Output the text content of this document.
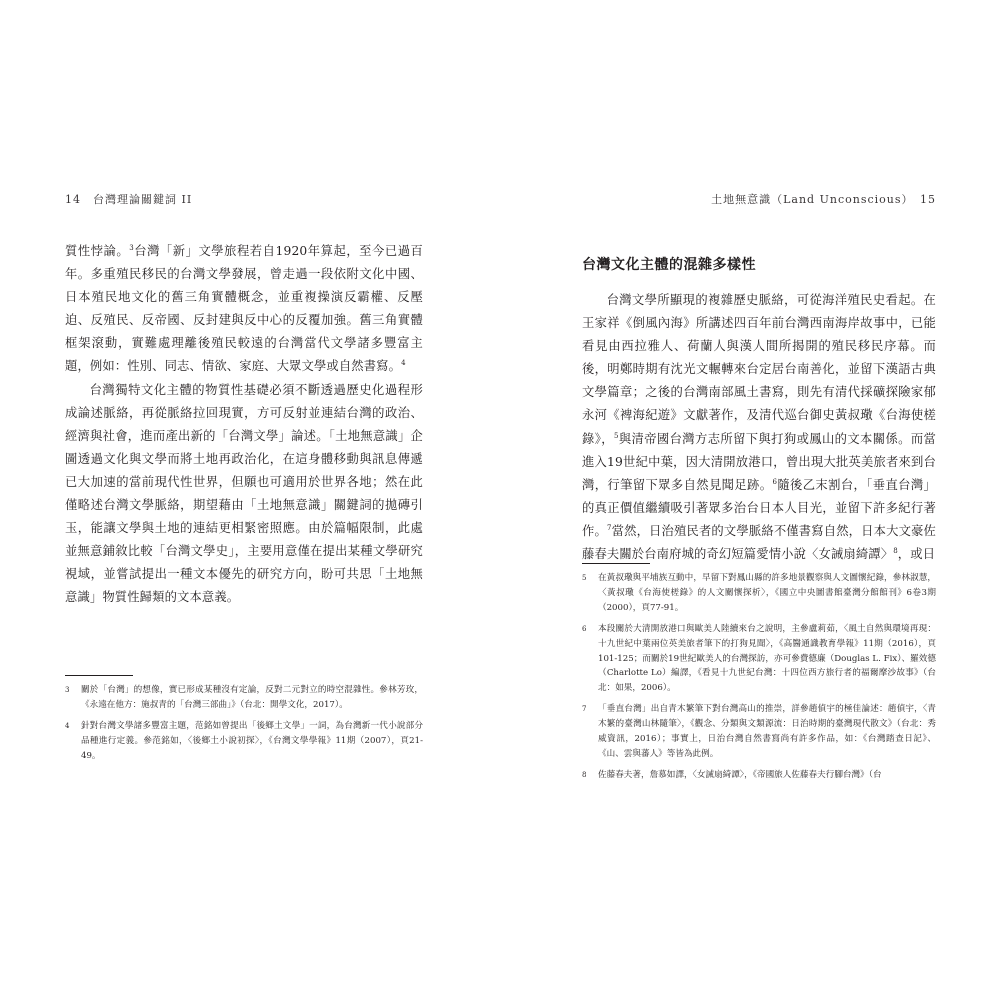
14　台灣理論關鍵詞 II

質性悖論。$^3$台灣「新」文學旅程若自1920年算起，至今已過百年。多重殖民移民的台灣文學發展，曾走過一段依附文化中國、日本殖民地文化的舊三角實體概念，並重複操演反霸權、反壓迫、反殖民、反帝國、反封建與反中心的反覆加強。舊三角實體框架滾動，實難處理離後殖民較遠的台灣當代文學諸多豐富主題，例如：性別、同志、情欲、家庭、大眾文學或自然書寫。$^4$

台灣獨特文化主體的物質性基礎必須不斷透過歷史化過程形成論述脈絡，再從脈絡拉回現實，方可反射並連結台灣的政治、經濟與社會，進而產出新的「台灣文學」論述。「土地無意識」企圖透過文化與文學而將土地再政治化，在這身體移動與訊息傳遞已大加速的當前現代性世界，但願也可適用於世界各地；然在此僅略述台灣文學脈絡，期望藉由「土地無意識」關鍵詞的拋磚引玉，能讓文學與土地的連結更相緊密照應。由於篇幅限制，此處並無意鋪敘比較「台灣文學史」，主要用意僅在提出某種文學研究視域，並嘗試提出一種文本優先的研究方向，盼可共思「土地無意識」物質性歸類的文本意義。

3	關於「台灣」的想像，實已形成某種沒有定論，反對二元對立的時空混雜性。參林芳玫，《永遠在他方：施叔青的「台灣三部曲」》（台北：開學文化，2017）。
4	針對台灣文學諸多豐富主題，范銘如曾提出「後鄉土文學」一詞，為台灣新一代小說部分品種進行定義。參范銘如，〈後鄉土小說初探〉，《台灣文學學報》11期（2007），頁21-49。
土地無意識（Land Unconscious）　15
台灣文化主體的混雜多樣性

台灣文學所顯現的複雜歷史脈絡，可從海洋殖民史看起。在王家祥《倒風內海》所講述四百年前台灣西南海岸故事中，已能看見由西拉雅人、荷蘭人與漢人間所揭開的殖民移民序幕。而後，明鄭時期有沈光文輾轉來台定居台南善化，並留下漢語古典文學篇章；之後的台灣南部風土書寫，則先有清代採礦探險家郁永河《裨海紀遊》文獻著作，及清代巡台御史黃叔璥《台海使槎錄》，$^5$與清帝國台灣方志所留下與打狗或鳳山的文本關係。而當進入19世紀中葉，因大清開放港口，曾出現大批英美旅者來到台灣，行筆留下眾多自然見聞足跡。$^6$隨後乙末割台，「垂直台灣」的真正價值繼續吸引著眾多治台日本人目光，並留下許多紀行著作。$^7$當然，日治殖民者的文學脈絡不僅書寫自然，日本大文豪佐藤春夫關於台南府城的奇幻短篇愛情小說〈女誡扇綺譚〉$^8$，或日

5	在黃叔璥與平埔族互動中，早留下對鳳山縣的許多地景觀察與人文圖懷紀錄，參林淑慧，〈黃叔璥《台海使槎錄》的人文關懷探析〉，《國立中央圖書館臺灣分館館刊》6卷3期（2000），頁77-91。
6	本段關於大清開放港口與歐美人陸續來台之說明，主參盧莉茹，〈風土自然與環境再現：十九世紀中葉兩位英美旅者筆下的打狗見聞〉，《高醫通識教育學報》11期（2016），頁101-125；而關於19世紀歐美人的台灣探訪，亦可參費德廉（Douglas L. Fix）、羅效德（Charlotte Lo）編譯，《看見十九世紀台灣：十四位西方旅行者的福爾摩沙故事》（台北：如果，2006）。
7	「垂直台灣」出自青木繁筆下對台灣高山的推崇，詳參趙偵宇的極佳論述：趙偵宇，〈青木繁的臺灣山林隨筆〉，《觀念、分類與文類源流：日治時期的臺灣現代散文》（台北：秀威資訊，2016）；事實上，日治台灣自然書寫尚有許多作品，如：《台灣踏查日記》、《山、雲與蕃人》等皆為此例。
8	佐藤春夫著，詹慕如譯，〈女誡扇綺譚〉，《帝國旅人佐藤春夫行腳台灣》（台
